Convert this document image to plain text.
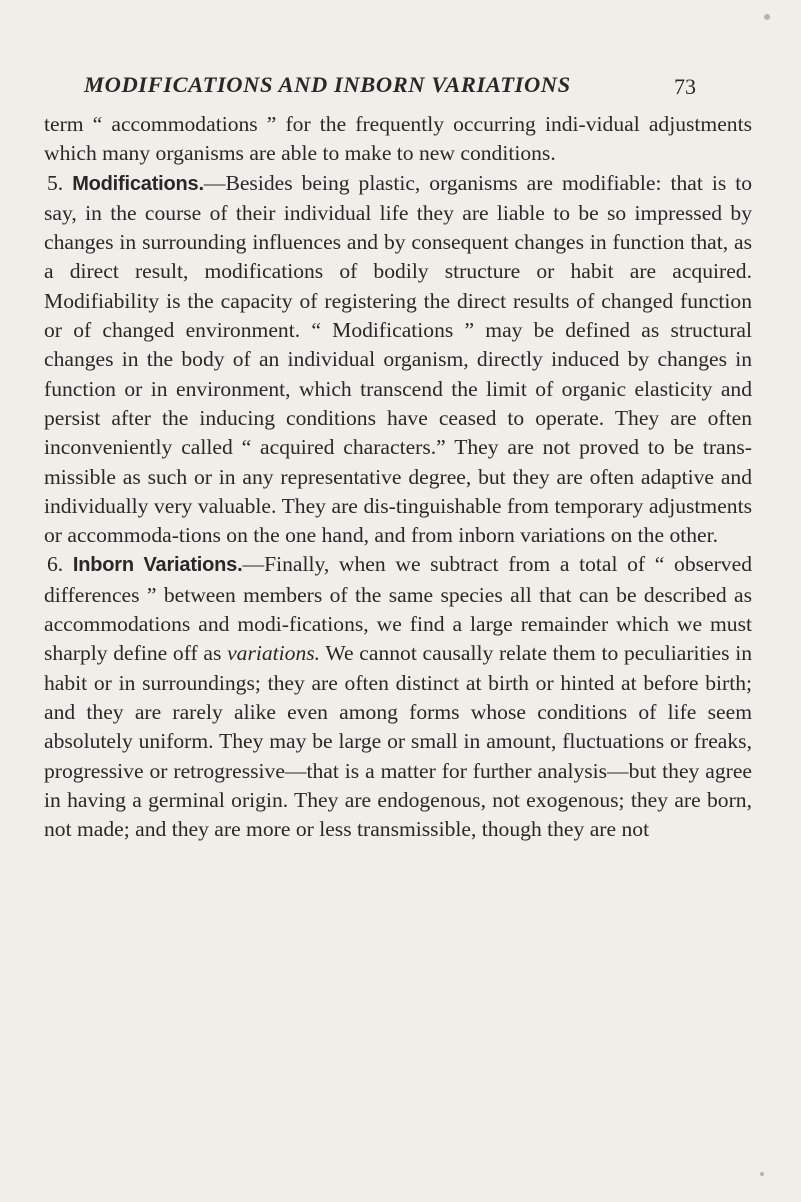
MODIFICATIONS AND INBORN VARIATIONS	73

term “ accommodations ” for the frequently occurring indi-vidual adjustments which many organisms are able to make to new conditions.

5. Modifications.—Besides being plastic, organisms are modifiable: that is to say, in the course of their individual life they are liable to be so impressed by changes in surrounding influences and by consequent changes in function that, as a direct result, modifications of bodily structure or habit are acquired. Modifiability is the capacity of registering the direct results of changed function or of changed environment. “ Modifications ” may be defined as structural changes in the body of an individual organism, directly induced by changes in function or in environment, which transcend the limit of organic elasticity and persist after the inducing conditions have ceased to operate. They are often inconveniently called “ acquired characters.” They are not proved to be trans-missible as such or in any representative degree, but they are often adaptive and individually very valuable. They are dis-tinguishable from temporary adjustments or accommoda-tions on the one hand, and from inborn variations on the other.

6. Inborn Variations.—Finally, when we subtract from a total of “ observed differences ” between members of the same species all that can be described as accommodations and modi-fications, we find a large remainder which we must sharply define off as variations. We cannot causally relate them to peculiarities in habit or in surroundings; they are often distinct at birth or hinted at before birth; and they are rarely alike even among forms whose conditions of life seem absolutely uniform. They may be large or small in amount, fluctuations or freaks, progressive or retrogressive—that is a matter for further analysis—but they agree in having a germinal origin. They are endogenous, not exogenous; they are born, not made; and they are more or less transmissible, though they are not
